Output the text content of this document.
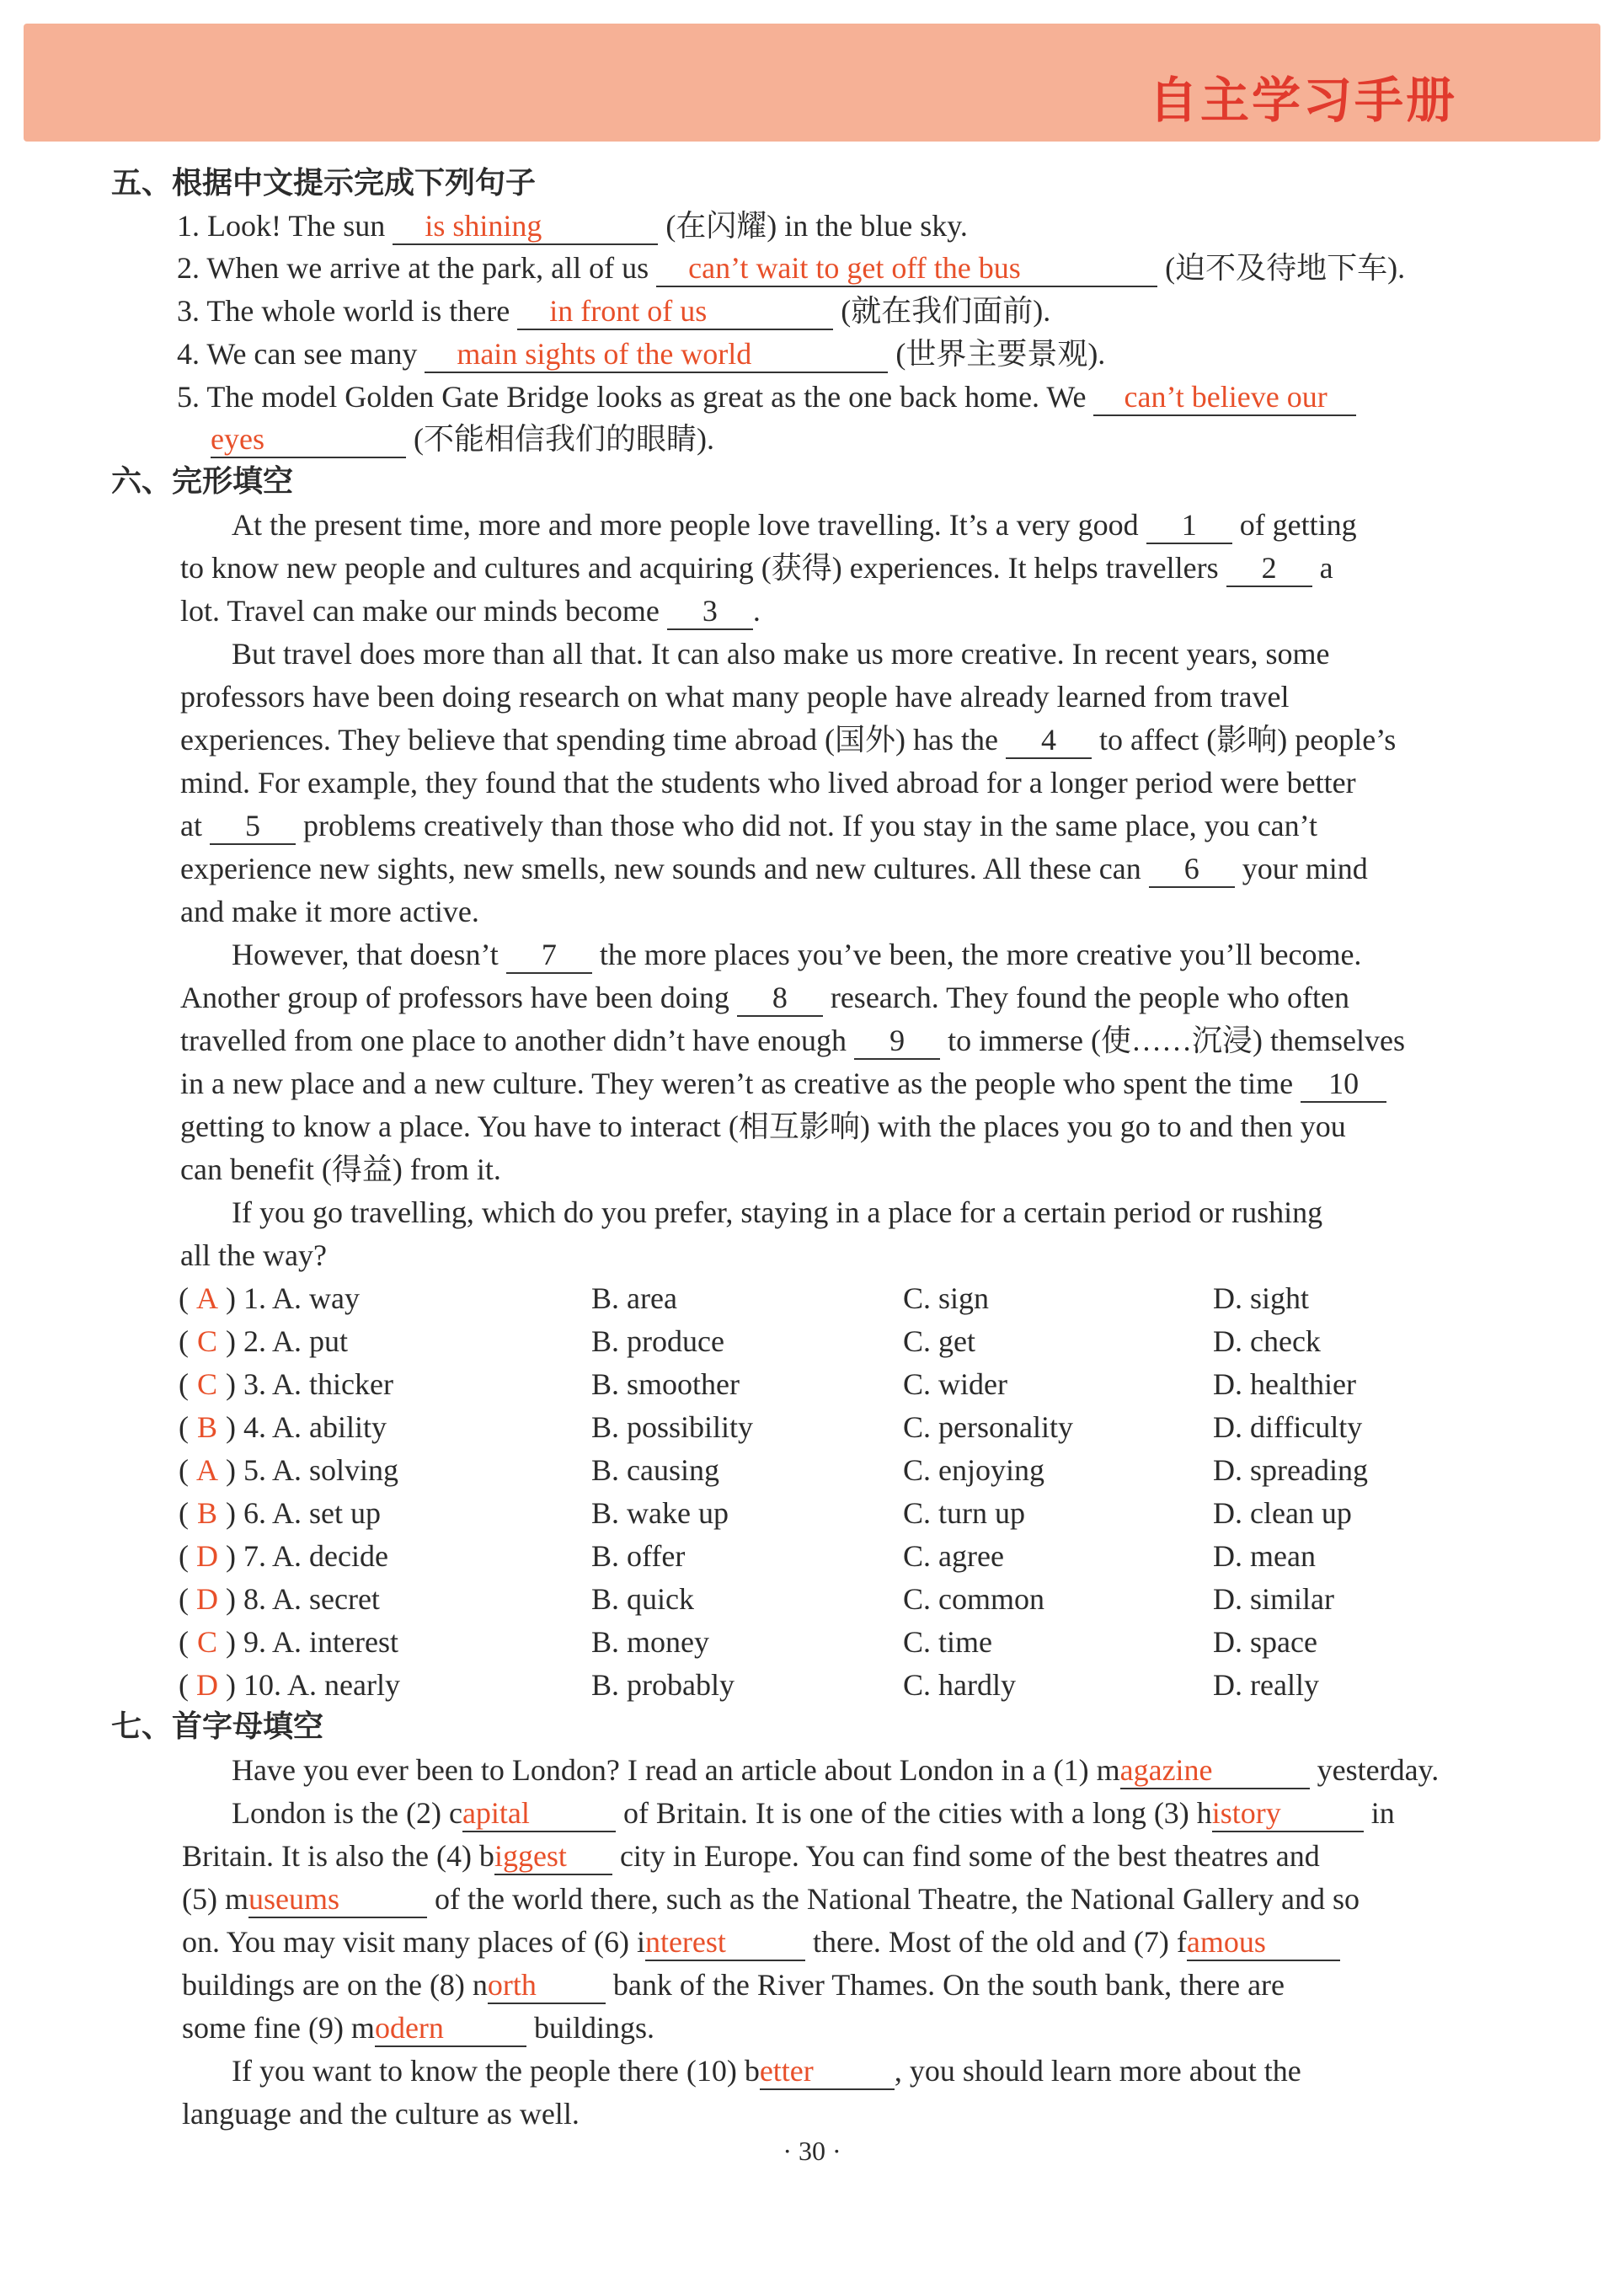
自主学习手册
五、根据中文提示完成下列句子
1. Look! The sun is shining	(在闪耀) in the blue sky.
2. When we arrive at the park, all of us can’t wait to get off the bus	(迫不及待地下车).
3. The whole world is there in front of us	(就在我们面前).
4. We can see many main sights of the world	(世界主要景观).
5. The model Golden Gate Bridge looks as great as the one back home. We can’t believe our
eyes	(不能相信我们的眼睛).
六、完形填空
At the present time, more and more people love travelling. It’s a very good 1 of getting
to know new people and cultures and acquiring (获得) experiences. It helps travellers 2 a
lot. Travel can make our minds become 3 .
But travel does more than all that. It can also make us more creative. In recent years, some
professors have been doing research on what many people have already learned from travel
experiences. They believe that spending time abroad (国外) has the 4 to affect (影响) people’s
mind. For example, they found that the students who lived abroad for a longer period were better
at 5 problems creatively than those who did not. If you stay in the same place, you can’t
experience new sights, new smells, new sounds and new cultures. All these can 6 your mind
and make it more active.
However, that doesn’t 7 the more places you’ve been, the more creative you’ll become.
Another group of professors have been doing 8 research. They found the people who often
travelled from one place to another didn’t have enough 9 to immerse (使……沉浸) themselves
in a new place and a new culture. They weren’t as creative as the people who spent the time 10
getting to know a place. You have to interact (相互影响) with the places you go to and then you
can benefit (得益) from it.
If you go travelling, which do you prefer, staying in a place for a certain period or rushing
all the way?
( A ) 1. A. way	B. area	C. sign	D. sight
( C ) 2. A. put	B. produce	C. get	D. check
( C ) 3. A. thicker	B. smoother	C. wider	D. healthier
( B ) 4. A. ability	B. possibility	C. personality	D. difficulty
( A ) 5. A. solving	B. causing	C. enjoying	D. spreading
( B ) 6. A. set up	B. wake up	C. turn up	D. clean up
( D ) 7. A. decide	B. offer	C. agree	D. mean
( D ) 8. A. secret	B. quick	C. common	D. similar
( C ) 9. A. interest	B. money	C. time	D. space
( D ) 10. A. nearly	B. probably	C. hardly	D. really
七、首字母填空
Have you ever been to London? I read an article about London in a (1) magazine	yesterday.
London is the (2) capital	of Britain. It is one of the cities with a long (3) history	in
Britain. It is also the (4) biggest city in Europe. You can find some of the best theatres and
(5) museums	of the world there, such as the National Theatre, the National Gallery and so
on. You may visit many places of (6) interest	there. Most of the old and (7) famous
buildings are on the (8) north	bank of the River Thames. On the south bank, there are
some fine (9) modern	buildings.
If you want to know the people there (10) better	, you should learn more about the
language and the culture as well.
· 30 ·
